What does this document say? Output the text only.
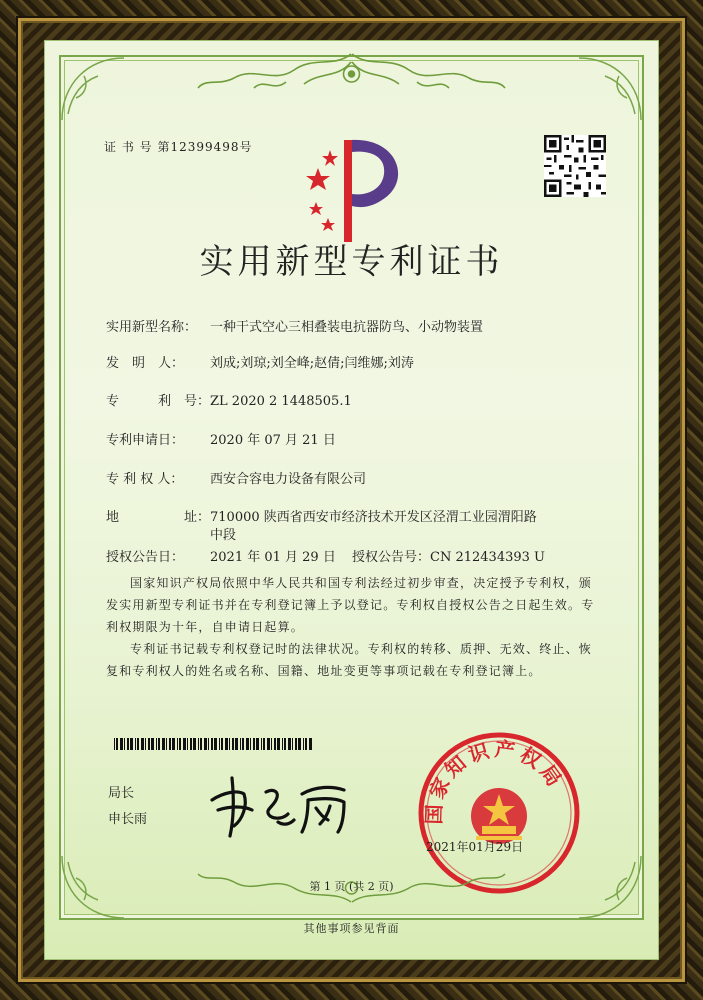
证 书 号 第12399498号
实用新型专利证书
实用新型名称： 一种干式空心三相叠装电抗器防鸟、小动物装置
发　明　人： 刘成;刘琼;刘全峰;赵倩;闫维娜;刘涛
专　　　利　号：ZL 2020 2 1448505.1
专利申请日： 2020 年 07 月 21 日
专 利 权 人： 西安合容电力设备有限公司
地　　　　　址：710000 陕西省西安市经济技术开发区泾渭工业园渭阳路
中段
授权公告日： 2021 年 01 月 29 日 授权公告号：CN 212434393 U
国家知识产权局依照中华人民共和国专利法经过初步审查，决定授予专利权，颁发实用新型专利证书并在专利登记簿上予以登记。专利权自授权公告之日起生效。专利权期限为十年，自申请日起算。
专利证书记载专利权登记时的法律状况。专利权的转移、质押、无效、终止、恢复和专利权人的姓名或名称、国籍、地址变更等事项记载在专利登记簿上。
局长
申长雨	国家知识产权局
2021年01月29日
第 1 页 (共 2 页)
其他事项参见背面
